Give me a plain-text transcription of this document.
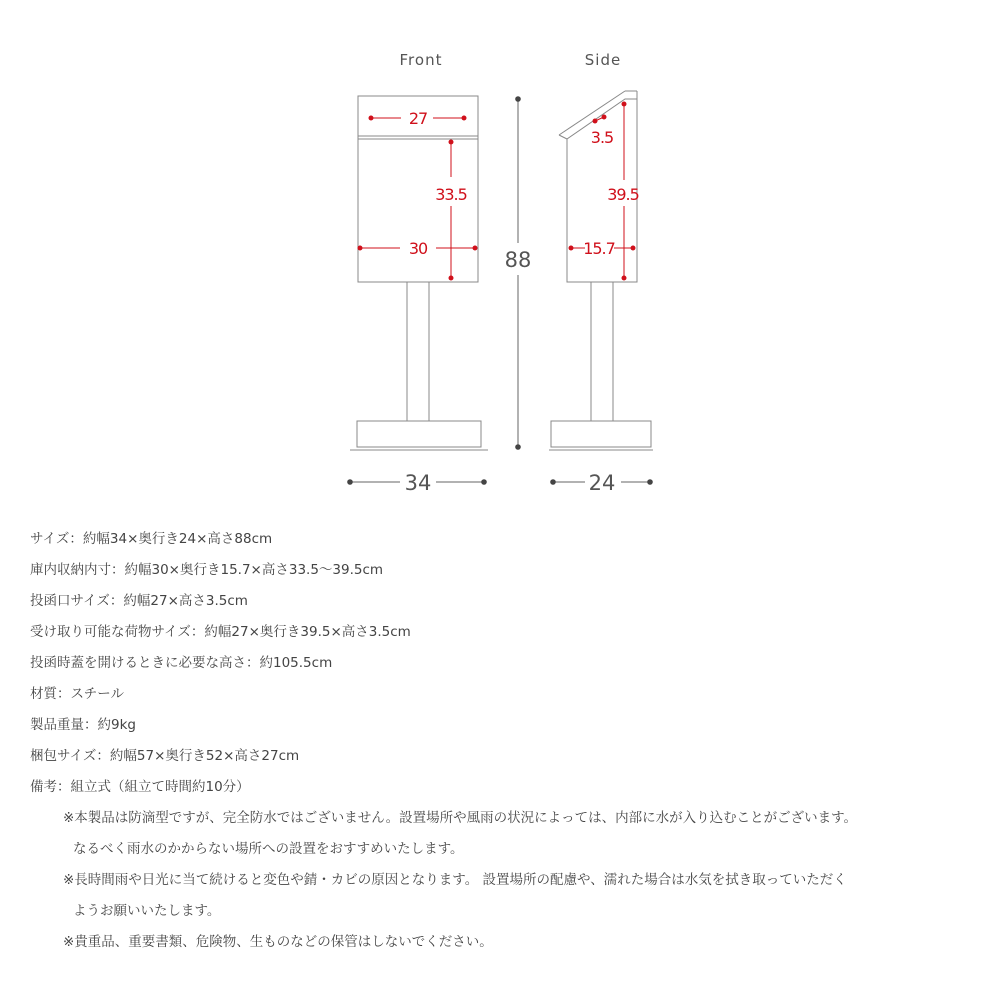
Front	Side
27
33.5
30	88
34
3.5
39.5
15.7
24
サイズ：約幅34×奥行き24×高さ88cm
庫内収納内寸：約幅30×奥行き15.7×高さ33.5〜39.5cm
投函口サイズ：約幅27×高さ3.5cm
受け取り可能な荷物サイズ：約幅27×奥行き39.5×高さ3.5cm
投函時蓋を開けるときに必要な高さ：約105.5cm
材質：スチール
製品重量：約9kg
梱包サイズ：約幅57×奥行き52×高さ27cm
備考：組立式（組立て時間約10分）
※本製品は防滴型ですが、完全防水ではございません。設置場所や風雨の状況によっては、内部に水が入り込むことがございます。
なるべく雨水のかからない場所への設置をおすすめいたします。
※長時間雨や日光に当て続けると変色や錆・カビの原因となります。 設置場所の配慮や、濡れた場合は水気を拭き取っていただく
ようお願いいたします。
※貴重品、重要書類、危険物、生ものなどの保管はしないでください。
